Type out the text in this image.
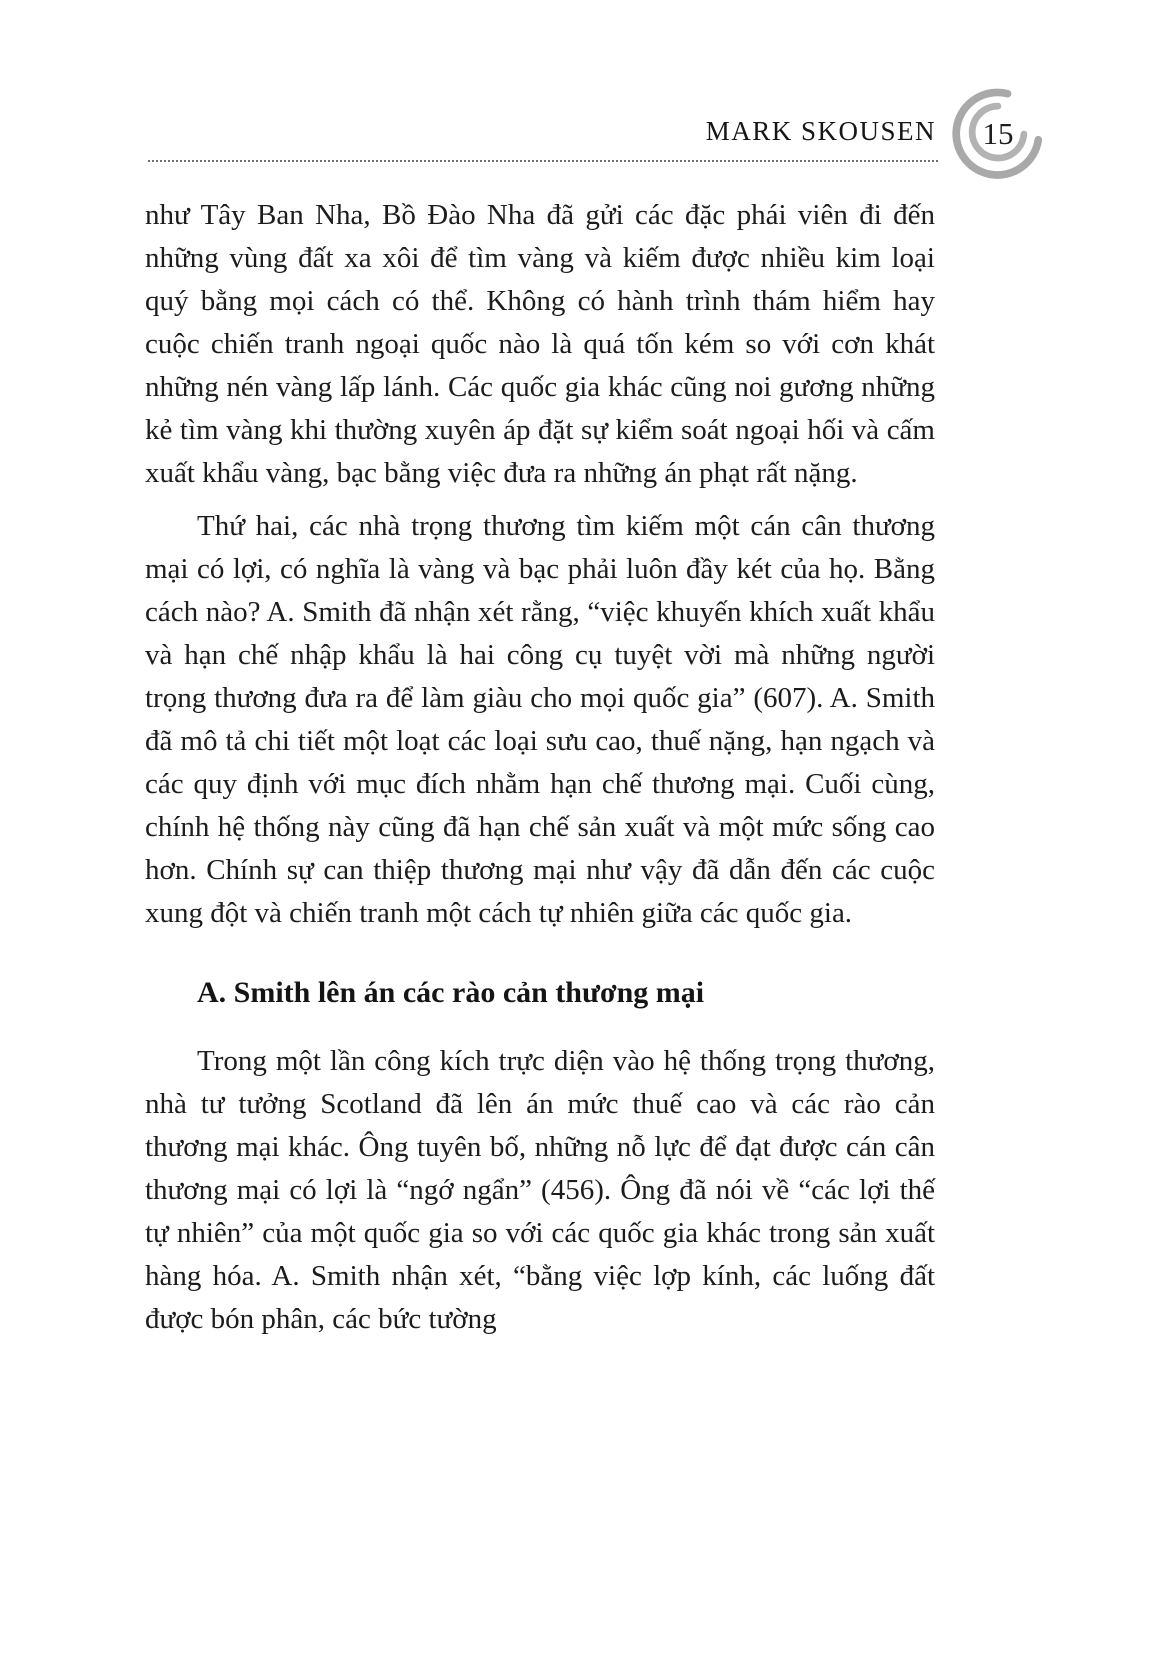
MARK SKOUSEN	15

như Tây Ban Nha, Bồ Đào Nha đã gửi các đặc phái viên đi đến những vùng đất xa xôi để tìm vàng và kiếm được nhiều kim loại quý bằng mọi cách có thể. Không có hành trình thám hiểm hay cuộc chiến tranh ngoại quốc nào là quá tốn kém so với cơn khát những nén vàng lấp lánh. Các quốc gia khác cũng noi gương những kẻ tìm vàng khi thường xuyên áp đặt sự kiểm soát ngoại hối và cấm xuất khẩu vàng, bạc bằng việc đưa ra những án phạt rất nặng.

Thứ hai, các nhà trọng thương tìm kiếm một cán cân thương mại có lợi, có nghĩa là vàng và bạc phải luôn đầy két của họ. Bằng cách nào? A. Smith đã nhận xét rằng, “việc khuyến khích xuất khẩu và hạn chế nhập khẩu là hai công cụ tuyệt vời mà những người trọng thương đưa ra để làm giàu cho mọi quốc gia” (607). A. Smith đã mô tả chi tiết một loạt các loại sưu cao, thuế nặng, hạn ngạch và các quy định với mục đích nhằm hạn chế thương mại. Cuối cùng, chính hệ thống này cũng đã hạn chế sản xuất và một mức sống cao hơn. Chính sự can thiệp thương mại như vậy đã dẫn đến các cuộc xung đột và chiến tranh một cách tự nhiên giữa các quốc gia.

A. Smith lên án các rào cản thương mại

Trong một lần công kích trực diện vào hệ thống trọng thương, nhà tư tưởng Scotland đã lên án mức thuế cao và các rào cản thương mại khác. Ông tuyên bố, những nỗ lực để đạt được cán cân thương mại có lợi là “ngớ ngẩn” (456). Ông đã nói về “các lợi thế tự nhiên” của một quốc gia so với các quốc gia khác trong sản xuất hàng hóa. A. Smith nhận xét, “bằng việc lợp kính, các luống đất được bón phân, các bức tường
